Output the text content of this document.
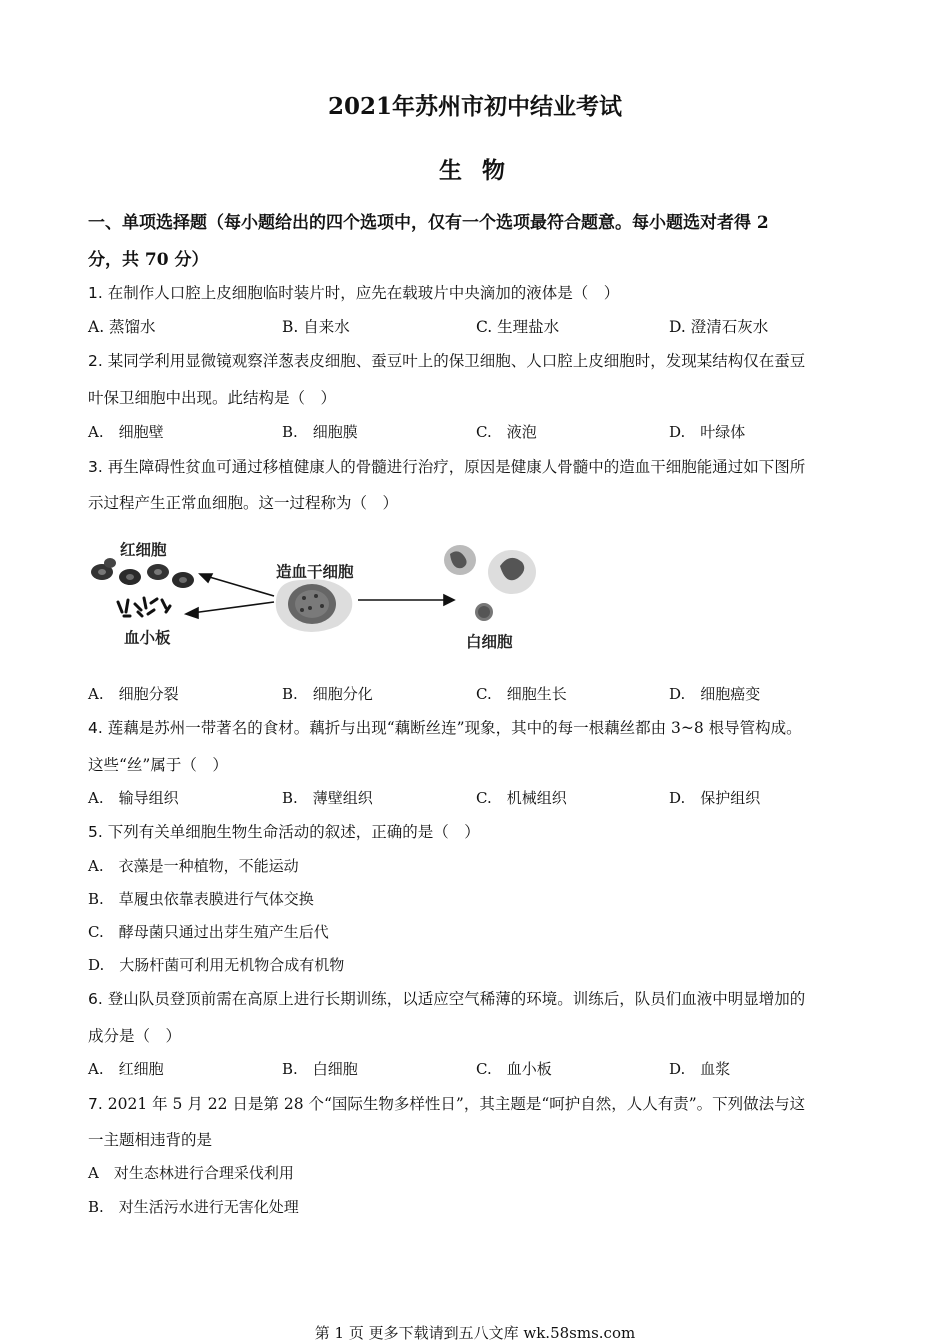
2021年苏州市初中结业考试
生 物
一、单项选择题（每小题给出的四个选项中，仅有一个选项最符合题意。每小题选对者得 2
分，共 70 分）
1. 在制作人口腔上皮细胞临时装片时，应先在载玻片中央滴加的液体是（　）
A. 蒸馏水	B. 自来水	C. 生理盐水	D. 澄清石灰水
2. 某同学利用显微镜观察洋葱表皮细胞、蚕豆叶上的保卫细胞、人口腔上皮细胞时，发现某结构仅在蚕豆
叶保卫细胞中出现。此结构是（　）
A.　细胞壁	B.　细胞膜	C.　液泡	D.　叶绿体
3. 再生障碍性贫血可通过移植健康人的骨髓进行治疗，原因是健康人骨髓中的造血干细胞能通过如下图所
示过程产生正常血细胞。这一过程称为（　）
红细胞
血小板
造血干细胞
白细胞
A.　细胞分裂	B.　细胞分化	C.　细胞生长	D.　细胞癌变
4. 莲藕是苏州一带著名的食材。藕折与出现“藕断丝连”现象，其中的每一根藕丝都由 3~8 根导管构成。
这些“丝”属于（　）
A.　输导组织	B.　薄壁组织	C.　机械组织	D.　保护组织
5. 下列有关单细胞生物生命活动的叙述，正确的是（　）
A.　衣藻是一种植物，不能运动
B.　草履虫依靠表膜进行气体交换
C.　酵母菌只通过出芽生殖产生后代
D.　大肠杆菌可利用无机物合成有机物
6. 登山队员登顶前需在高原上进行长期训练，以适应空气稀薄的环境。训练后，队员们血液中明显增加的
成分是（　）
A.　红细胞	B.　白细胞	C.　血小板	D.　血浆
7. 2021 年 5 月 22 日是第 28 个“国际生物多样性日”，其主题是“呵护自然，人人有责”。下列做法与这
一主题相违背的是
A　对生态林进行合理采伐利用
B.　对生活污水进行无害化处理
第 1 页 更多下载请到五八文库 wk.58sms.com
